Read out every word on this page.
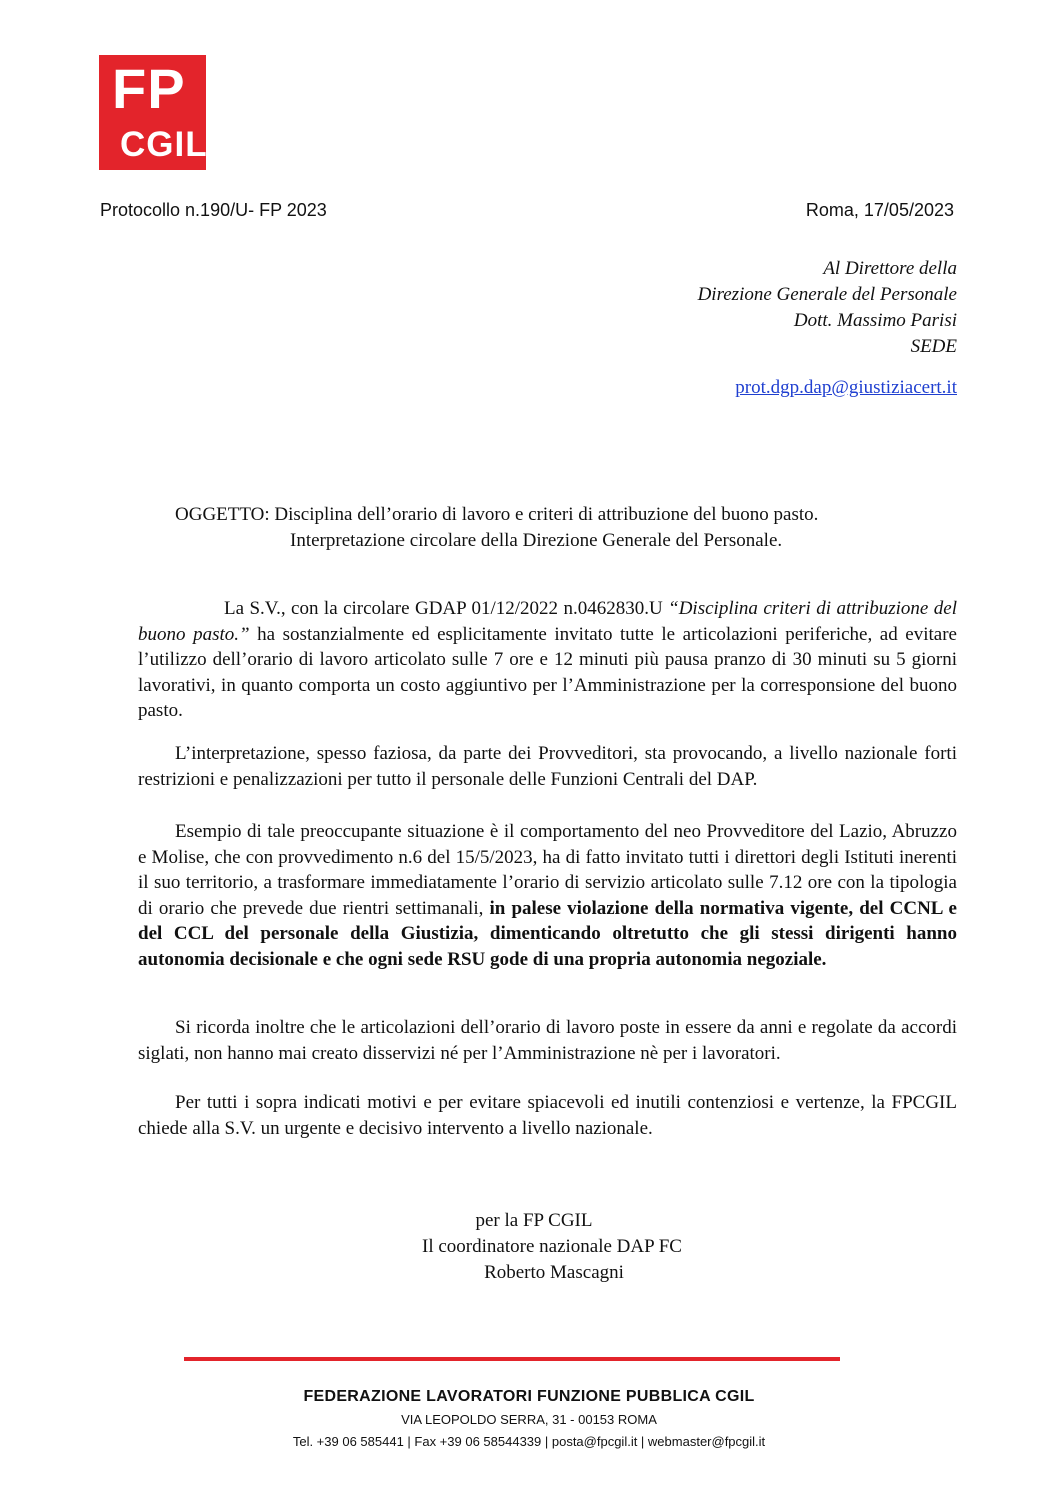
FP
CGIL
Protocollo n.190/U- FP 2023	Roma, 17/05/2023
Al Direttore della
Direzione Generale del Personale
Dott. Massimo Parisi
SEDE
prot.dgp.dap@giustiziacert.it
OGGETTO: Disciplina dell’orario di lavoro e criteri di attribuzione del buono pasto.
Interpretazione circolare della Direzione Generale del Personale.
La S.V., con la circolare GDAP 01/12/2022 n.0462830.U “Disciplina criteri di attribuzione del buono pasto.” ha sostanzialmente ed esplicitamente invitato tutte le articolazioni periferiche, ad evitare l’utilizzo dell’orario di lavoro articolato sulle 7 ore e 12 minuti più pausa pranzo di 30 minuti su 5 giorni lavorativi, in quanto comporta un costo aggiuntivo per l’Amministrazione per la corresponsione del buono pasto.
L’interpretazione, spesso faziosa, da parte dei Provveditori, sta provocando, a livello nazionale forti restrizioni e penalizzazioni per tutto il personale delle Funzioni Centrali del DAP.
Esempio di tale preoccupante situazione è il comportamento del neo Provveditore del Lazio, Abruzzo e Molise, che con provvedimento n.6 del 15/5/2023, ha di fatto invitato tutti i direttori degli Istituti inerenti il suo territorio, a trasformare immediatamente l’orario di servizio articolato sulle 7.12 ore con la tipologia di orario che prevede due rientri settimanali, in palese violazione della normativa vigente, del CCNL e del CCL del personale della Giustizia, dimenticando oltretutto che gli stessi dirigenti hanno autonomia decisionale e che ogni sede RSU gode di una propria autonomia negoziale.
Si ricorda inoltre che le articolazioni dell’orario di lavoro poste in essere da anni e regolate da accordi siglati, non hanno mai creato disservizi né per l’Amministrazione nè per i lavoratori.
Per tutti i sopra indicati motivi e per evitare spiacevoli ed inutili contenziosi e vertenze, la FPCGIL chiede alla S.V. un urgente e decisivo intervento a livello nazionale.
per la FP CGIL
Il coordinatore nazionale DAP FC
Roberto Mascagni
FEDERAZIONE LAVORATORI FUNZIONE PUBBLICA CGIL
VIA LEOPOLDO SERRA, 31 - 00153 ROMA
Tel. +39 06 585441 | Fax +39 06 58544339 | posta@fpcgil.it | webmaster@fpcgil.it
